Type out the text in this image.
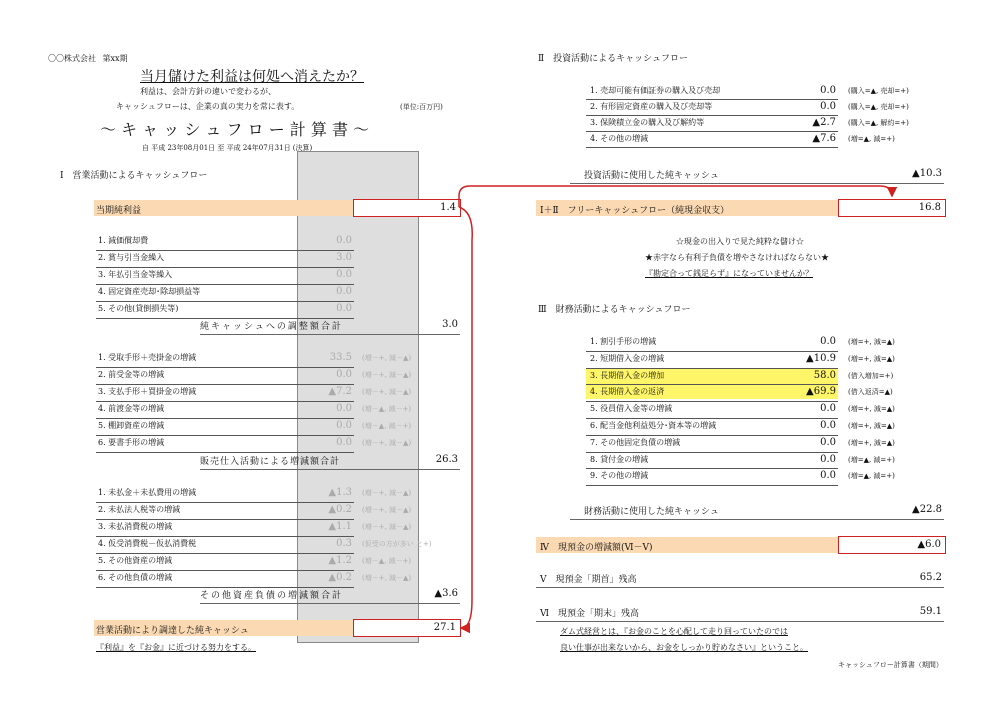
〇〇株式会社 第xx期
当月儲けた利益は何処へ消えたか？
利益は、会計方針の違いで変わるが、
キャッシュフローは、企業の真の実力を常に表す。	(単位:百万円)
～ キ ャ ッ シ ュ フ ロ ー 計 算 書 ～
自 平成 23年08月01日 至 平成 24年07月31日 (決算)
Ⅰ　営業活動によるキャッシュフロー
当期純利益	1.4
1. 減価償却費	0.0
2. 賞与引当金繰入	3.0
3. 年払引当金等繰入	0.0
4. 固定資産売却･除却損益等	0.0
5. その他(貸倒損失等)	0.0
純キャッシュへの調整額合計	3.0
1. 受取手形＋売掛金の増減	33.5 (増－+, 減－▲)
2. 前受金等の増減	0.0 (増－+, 減－▲)
3. 支払手形＋買掛金の増減	▲7.2 (増－+, 減－▲)
4. 前渡金等の増減	0.0 (増－▲, 減－+)
5. 棚卸資産の増減	0.0 (増－▲, 減－+)
6. 要書手形の増減	0.0 (増－+, 減－▲)
販売仕入活動による増減額合計	26.3
1. 未払金＋未払費用の増減	▲1.3 (増－+, 減－▲)
2. 未払法人税等の増減	▲0.2 (増－+, 減－▲)
3. 未払消費税の増減	▲1.1 (増－+, 減－▲)
4. 仮受消費税－仮払消費税	0.3 (仮受の方が多い と+)
5. その他資産の増減	▲1.2 (増－▲, 減－+)
6. その他負債の増減	▲0.2 (増－+, 減－▲)
その他資産負債の増減額合計	▲3.6
営業活動により調達した純キャッシュ	27.1
『利益』を『お金』に近づける努力をする。
Ⅱ　投資活動によるキャッシュフロー
1. 売却可能有価証券の購入及び売却	0.0 (購入=▲, 売却=+)
2. 有形固定資産の購入及び売却等	0.0 (購入=▲, 売却=+)
3. 保険積立金の購入及び解約等	▲2.7 (購入=▲, 解約=+)
4. その他の増減	▲7.6 (増=▲, 減=+)
投資活動に使用した純キャッシュ	▲10.3
Ⅰ＋Ⅱ　フリーキャッシュフロー（純現金収支）	16.8
☆現金の出入りで見た純粋な儲け☆
★赤字なら有利子負債を増やさなければならない★
『勘定合って銭足らず』になっていませんか？
Ⅲ　財務活動によるキャッシュフロー
1. 割引手形の増減	0.0 (増=+, 減=▲)
2. 短期借入金の増減	▲10.9 (増=+, 減=▲)
3. 長期借入金の増加	58.0 (借入増加=+)
4. 長期借入金の返済	▲69.9 (借入返済=▲)
5. 役員借入金等の増減	0.0 (増=+, 減=▲)
6. 配当金他利益処分･資本等の増減	0.0 (増=+, 減=▲)
7. その他固定負債の増減	0.0 (増=+, 減=▲)
8. 貸付金の増減	0.0 (増=▲, 減=+)
9. その他の増減	0.0 (増=▲, 減=+)
財務活動に使用した純キャッシュ	▲22.8
Ⅳ　現預金の増減額(Ⅵ－Ⅴ)	▲6.0
Ⅴ　現預金「期首」残高	65.2
Ⅵ　現預金「期末」残高	59.1
ダム式経営とは、『お金のことを心配して走り回っていたのでは
良い仕事が出来ないから、お金をしっかり貯めなさい』ということ。
キャッシュフロー計算書（期間）
